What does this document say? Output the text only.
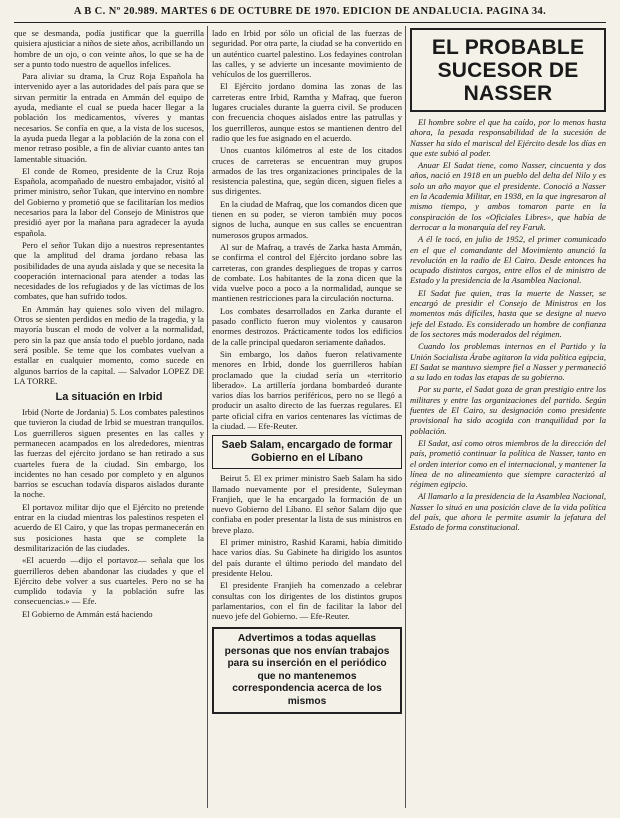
A B C. Nº 20.989. MARTES 6 DE OCTUBRE DE 1970. EDICION DE ANDALUCIA. PAGINA 34.

que se desmanda, podía justificar que la guerrilla quisiera ajusticiar a niños de siete años, acribillando un hombre de un ojo, o con veinte años, lo que se ha de ser a punto todo nuestro de aquellos infelices.

Para aliviar su drama, la Cruz Roja Española ha intervenido ayer a las autoridades del país para que se sirvan permitir la entrada en Ammán del equipo de ayuda, mediante el cual se pueda hacer llegar a la población los medicamentos, víveres y mantas necesarios. Se confía en que, a la vista de los sucesos, la ayuda pueda llegar a la población de la zona con el menor retraso posible, a fin de aliviar cuanto antes tan lamentable situación.

El conde de Romeo, presidente de la Cruz Roja Española, acompañado de nuestro embajador, visitó al primer ministro, señor Tukan, que intervino en nombre del Gobierno y prometió que se facilitarían los medios necesarios para la labor del Consejo de Ministros que presidió ayer por la mañana para agradecer la ayuda española.

Pero el señor Tukan dijo a nuestros representantes que la amplitud del drama jordano rebasa las posibilidades de una ayuda aislada y que se necesita la cooperación internacional para atender a todas las necesidades de los refugiados y de las víctimas de los combates, que han sufrido todos.

En Ammán hay quienes solo viven del milagro. Otros se sienten perdidos en medio de la tragedia, y la mayoría buscan el modo de volver a la normalidad, pero sin la paz que ansía todo el pueblo jordano, nada será posible. Se teme que los combates vuelvan a estallar en cualquier momento, como sucede en algunos barrios de la capital. — Salvador LOPEZ DE LA TORRE.

La situación en Irbid

Irbid (Norte de Jordania) 5. Los combates palestinos que tuvieron la ciudad de Irbid se muestran tranquilos. Los guerrilleros siguen presentes en las calles y permanecen acampados en los alrededores, mientras las fuerzas del ejército jordano se han retirado a sus cuarteles fuera de la ciudad. Sin embargo, los incidentes no han cesado por completo y en algunos barrios se escuchan todavía disparos aislados durante la noche.

El portavoz militar dijo que el Ejército no pretende entrar en la ciudad mientras los palestinos respeten el acuerdo de El Cairo, y que las tropas permanecerán en sus posiciones hasta que se complete la desmilitarización de las ciudades.

«El acuerdo —dijo el portavoz— señala que los guerrilleros deben abandonar las ciudades y que el Ejército debe volver a sus cuarteles. Pero no se ha cumplido todavía y la población sufre las consecuencias.» — Efe.

El Gobierno de Ammán está haciendo

lado en Irbid por sólo un oficial de las fuerzas de seguridad. Por otra parte, la ciudad se ha convertido en un auténtico cuartel palestino. Los fedayines controlan las calles, y se advierte un incesante movimiento de vehículos de los guerrilleros.

El Ejército jordano domina las zonas de las carreteras entre Irbid, Ramtha y Mafraq, que fueron lugares cruciales durante la guerra civil. Se producen con frecuencia choques aislados entre las patrullas y los guerrilleros, aunque estos se mantienen dentro del radio que les fue asignado en el acuerdo.

Unos cuantos kilómetros al este de los citados cruces de carreteras se encuentran muy grupos armados de las tres organizaciones principales de la resistencia palestina, que, según dicen, siguen fieles a sus dirigentes.

En la ciudad de Mafraq, que los comandos dicen que tienen en su poder, se vieron también muy pocos signos de lucha, aunque en sus calles se encuentran numerosos grupos armados.

Al sur de Mafraq, a través de Zarka hasta Ammán, se confirma el control del Ejército jordano sobre las carreteras, con grandes despliegues de tropas y carros de combate. Los habitantes de la zona dicen que la vida vuelve poco a poco a la normalidad, aunque se mantienen restricciones para la circulación nocturna.

Los combates desarrollados en Zarka durante el pasado conflicto fueron muy violentos y causaron enormes destrozos. Prácticamente todos los edificios de la calle principal quedaron seriamente dañados.

Sin embargo, los daños fueron relativamente menores en Irbid, donde los guerrilleros habían proclamado que la ciudad sería un «territorio liberado». La artillería jordana bombardeó durante varios días los barrios periféricos, pero no se llegó a producir un asalto directo de las fuerzas regulares. El parte oficial cifra en varios centenares las víctimas de la ciudad. — Efe-Reuter.

Saeb Salam, encargado de formar Gobierno en el Líbano

Beirut 5. El ex primer ministro Saeb Salam ha sido llamado nuevamente por el presidente, Suleyman Franjieh, que le ha encargado la formación de un nuevo Gobierno del Líbano. El señor Salam dijo que confiaba en poder presentar la lista de sus ministros en breve plazo.

El primer ministro, Rashid Karami, había dimitido hace varios días. Su Gabinete ha dirigido los asuntos del país durante el último periodo del mandato del presidente Helou.

El presidente Franjieh ha comenzado a celebrar consultas con los dirigentes de los distintos grupos parlamentarios, con el fin de facilitar la labor del nuevo jefe del Gobierno. — Efe-Reuter.

Advertimos a todas aquellas personas que nos envían trabajos para su inserción en el periódico que no mantenemos correspondencia acerca de los mismos
EL PROBABLE SUCESOR DE NASSER

El hombre sobre el que ha caído, por lo menos hasta ahora, la pesada responsabilidad de la sucesión de Nasser ha sido el mariscal del Ejército desde los días en que este subió al poder.

Anuar El Sadat tiene, como Nasser, cincuenta y dos años, nació en 1918 en un pueblo del delta del Nilo y es solo un año mayor que el presidente. Conoció a Nasser en la Academia Militar, en 1938, en la que ingresaron al mismo tiempo, y ambos tomaron parte en la conspiración de los «Oficiales Libres», que había de derrocar a la monarquía del rey Faruk.

A él le tocó, en julio de 1952, el primer comunicado en el que el comandante del Movimiento anunció la revolución en la radio de El Cairo. Desde entonces ha ocupado distintos cargos, entre ellos el de ministro de Estado y la presidencia de la Asamblea Nacional.

El Sadat fue quien, tras la muerte de Nasser, se encargó de presidir el Consejo de Ministros en los momentos más difíciles, hasta que se designe al nuevo jefe del Estado. Es considerado un hombre de confianza de los sectores más moderados del régimen.

Cuando los problemas internos en el Partido y la Unión Socialista Árabe agitaron la vida política egipcia, El Sadat se mantuvo siempre fiel a Nasser y permaneció a su lado en todas las etapas de su gobierno.

Por su parte, el Sadat goza de gran prestigio entre los militares y entre las organizaciones del partido. Según fuentes de El Cairo, su designación como presidente provisional ha sido acogida con tranquilidad por la población.

El Sadat, así como otros miembros de la dirección del país, prometió continuar la política de Nasser, tanto en el orden interior como en el internacional, y mantener la línea de no alineamiento que siempre caracterizó al régimen egipcio.

Al llamarlo a la presidencia de la Asamblea Nacional, Nasser lo situó en una posición clave de la vida política del país, que ahora le permite asumir la jefatura del Estado de forma constitucional.
